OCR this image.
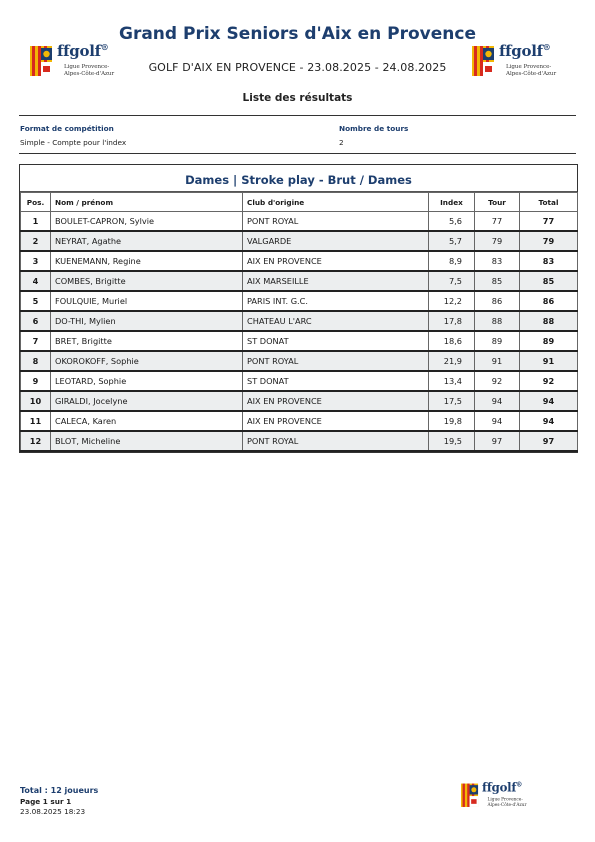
Grand Prix Seniors d'Aix en Provence
GOLF D'AIX EN PROVENCE - 23.08.2025 - 24.08.2025
ffgolf®
Ligue Provence-
Alpes-Côte-d'Azur
ffgolf®
Ligue Provence-
Alpes-Côte-d'Azur
Liste des résultats
Format de compétition
Simple - Compte pour l'index
Nombre de tours
2
Dames | Stroke play - Brut / Dames
Pos.	Nom / prénom	Club d'origine	Index	Tour	Total
1	BOULET-CAPRON, Sylvie	PONT ROYAL	5,6	77	77
2	NEYRAT, Agathe	VALGARDE	5,7	79	79
3	KUENEMANN, Regine	AIX EN PROVENCE	8,9	83	83
4	COMBES, Brigitte	AIX MARSEILLE	7,5	85	85
5	FOULQUIE, Muriel	PARIS INT. G.C.	12,2	86	86
6	DO-THI, Mylien	CHATEAU L'ARC	17,8	88	88
7	BRET, Brigitte	ST DONAT	18,6	89	89
8	OKOROKOFF, Sophie	PONT ROYAL	21,9	91	91
9	LEOTARD, Sophie	ST DONAT	13,4	92	92
10	GIRALDI, Jocelyne	AIX EN PROVENCE	17,5	94	94
11	CALECA, Karen	AIX EN PROVENCE	19,8	94	94
12	BLOT, Micheline	PONT ROYAL	19,5	97	97
Total : 12 joueurs
Page 1 sur 1
23.08.2025 18:23
ffgolf®
Ligue Provence-
Alpes-Côte-d'Azur
